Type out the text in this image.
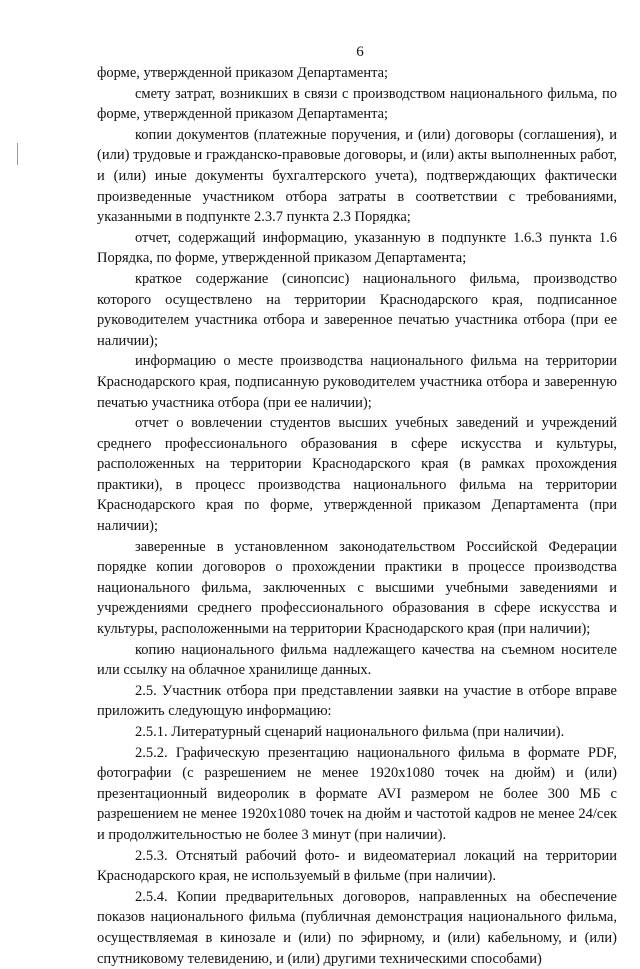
6

форме, утвержденной приказом Департамента;

смету затрат, возникших в связи с производством национального фильма, по форме, утвержденной приказом Департамента;

копии документов (платежные поручения, и (или) договоры (соглашения), и (или) трудовые и гражданско-правовые договоры, и (или) акты выполненных работ, и (или) иные документы бухгалтерского учета), подтверждающих фактически произведенные участником отбора затраты в соответствии с требованиями, указанными в подпункте 2.3.7 пункта 2.3 Порядка;

отчет, содержащий информацию, указанную в подпункте 1.6.3 пункта 1.6 Порядка, по форме, утвержденной приказом Департамента;

краткое содержание (синопсис) национального фильма, производство которого осуществлено на территории Краснодарского края, подписанное руководителем участника отбора и заверенное печатью участника отбора (при ее наличии);

информацию о месте производства национального фильма на территории Краснодарского края, подписанную руководителем участника отбора и заверенную печатью участника отбора (при ее наличии);

отчет о вовлечении студентов высших учебных заведений и учреждений среднего профессионального образования в сфере искусства и культуры, расположенных на территории Краснодарского края (в рамках прохождения практики), в процесс производства национального фильма на территории Краснодарского края по форме, утвержденной приказом Департамента (при наличии);

заверенные в установленном законодательством Российской Федерации порядке копии договоров о прохождении практики в процессе производства национального фильма, заключенных с высшими учебными заведениями и учреждениями среднего профессионального образования в сфере искусства и культуры, расположенными на территории Краснодарского края (при наличии);

копию национального фильма надлежащего качества на съемном носителе или ссылку на облачное хранилище данных.

2.5. Участник отбора при представлении заявки на участие в отборе вправе приложить следующую информацию:

2.5.1. Литературный сценарий национального фильма (при наличии).

2.5.2. Графическую презентацию национального фильма в формате PDF, фотографии (с разрешением не менее 1920х1080 точек на дюйм) и (или) презентационный видеоролик в формате AVI размером не более 300 МБ с разрешением не менее 1920х1080 точек на дюйм и частотой кадров не менее 24/сек и продолжительностью не более 3 минут (при наличии).

2.5.3. Отснятый рабочий фото- и видеоматериал локаций на территории Краснодарского края, не используемый в фильме (при наличии).

2.5.4. Копии предварительных договоров, направленных на обеспечение показов национального фильма (публичная демонстрация национального фильма, осуществляемая в кинозале и (или) по эфирному, и (или) кабельному, и (или) спутниковому телевидению, и (или) другими техническими способами)
